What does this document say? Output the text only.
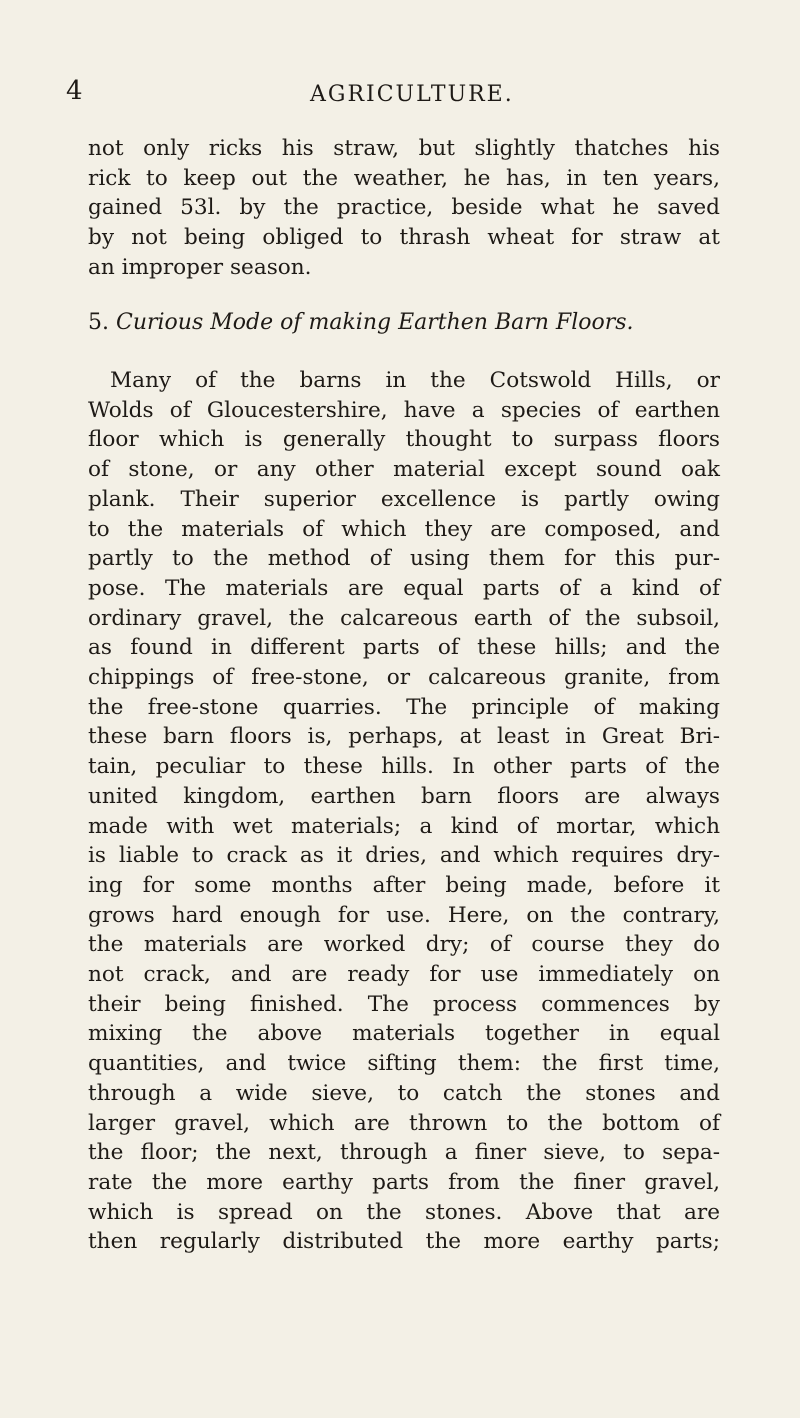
4	AGRICULTURE.
not only ricks his straw, but slightly thatches his
rick to keep out the weather, he has, in ten years,
gained 53l. by the practice, beside what he saved
by not being obliged to thrash wheat for straw at
an improper season.
5. Curious Mode of making Earthen Barn Floors.
Many of the barns in the Cotswold Hills, or
Wolds of Gloucestershire, have a species of earthen
floor which is generally thought to surpass floors
of stone, or any other material except sound oak
plank. Their superior excellence is partly owing
to the materials of which they are composed, and
partly to the method of using them for this pur-
pose. The materials are equal parts of a kind of
ordinary gravel, the calcareous earth of the subsoil,
as found in different parts of these hills; and the
chippings of free-stone, or calcareous granite, from
the free-stone quarries. The principle of making
these barn floors is, perhaps, at least in Great Bri-
tain, peculiar to these hills. In other parts of the
united kingdom, earthen barn floors are always
made with wet materials; a kind of mortar, which
is liable to crack as it dries, and which requires dry-
ing for some months after being made, before it
grows hard enough for use. Here, on the contrary,
the materials are worked dry; of course they do
not crack, and are ready for use immediately on
their being finished. The process commences by
mixing the above materials together in equal
quantities, and twice sifting them: the first time,
through a wide sieve, to catch the stones and
larger gravel, which are thrown to the bottom of
the floor; the next, through a finer sieve, to sepa-
rate the more earthy parts from the finer gravel,
which is spread on the stones. Above that are
then regularly distributed the more earthy parts;
